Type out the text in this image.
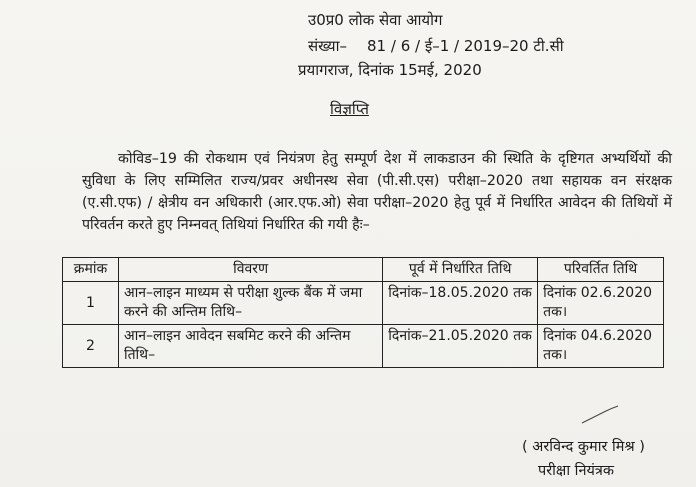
उ0प्र0 लोक सेवा आयोग
संख्या– 81 / 6 / ई–1 / 2019–20 टी.सी
प्रयागराज, दिनांक 15मई, 2020
विज्ञप्ति
कोविड–19 की रोकथाम एवं नियंत्रण हेतु सम्पूर्ण देश में लाकडाउन की स्थिति के दृष्टिगत अभ्यर्थियों की सुविधा के लिए सम्मिलित राज्य/प्रवर अधीनस्थ सेवा (पी.सी.एस) परीक्षा–2020 तथा सहायक वन संरक्षक (ए.सी.एफ) / क्षेत्रीय वन अधिकारी (आर.एफ.ओ) सेवा परीक्षा–2020 हेतु पूर्व में निर्धारित आवेदन की तिथियों में परिवर्तन करते हुए निम्नवत् तिथियां निर्धारित की गयी हैः–
क्रमांक	विवरण	पूर्व में निर्धारित तिथि	परिवर्तित तिथि
1	आन–लाइन माध्यम से परीक्षा शुल्क बैंक में जमा करने की अन्तिम तिथि–	दिनांक–18.05.2020 तक	दिनांक 02.6.2020 तक।
2	आन–लाइन आवेदन सबमिट करने की अन्तिम तिथि–	दिनांक–21.05.2020 तक	दिनांक 04.6.2020 तक।
( अरविन्द कुमार मिश्र )
परीक्षा नियंत्रक
